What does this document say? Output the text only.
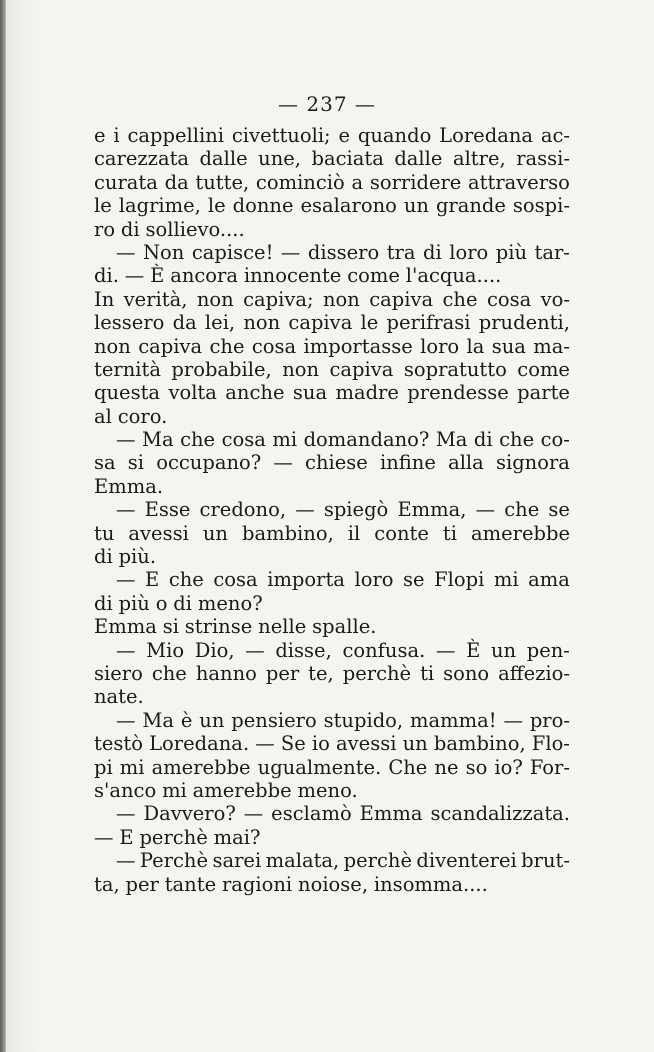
— 237 —
e i cappellini civettuoli; e quando Loredana ac-
carezzata dalle une, baciata dalle altre, rassi-
curata da tutte, cominciò a sorridere attraverso
le lagrime, le donne esalarono un grande sospi-
ro di sollievo....
— Non capisce! — dissero tra di loro più tar-
di. — È ancora innocente come l'acqua....
In verità, non capiva; non capiva che cosa vo-
lessero da lei, non capiva le perifrasi prudenti,
non capiva che cosa importasse loro la sua ma-
ternità probabile, non capiva sopratutto come
questa volta anche sua madre prendesse parte
al coro.
— Ma che cosa mi domandano? Ma di che co-
sa si occupano? — chiese infine alla signora
Emma.
— Esse credono, — spiegò Emma, — che se
tu avessi un bambino, il conte ti amerebbe
di più.
— E che cosa importa loro se Flopi mi ama
di più o di meno?
Emma si strinse nelle spalle.
— Mio Dio, — disse, confusa. — È un pen-
siero che hanno per te, perchè ti sono affezio-
nate.
— Ma è un pensiero stupido, mamma! — pro-
testò Loredana. — Se io avessi un bambino, Flo-
pi mi amerebbe ugualmente. Che ne so io? For-
s'anco mi amerebbe meno.
— Davvero? — esclamò Emma scandalizzata.
— E perchè mai?
— Perchè sarei malata, perchè diventerei brut-
ta, per tante ragioni noiose, insomma....
